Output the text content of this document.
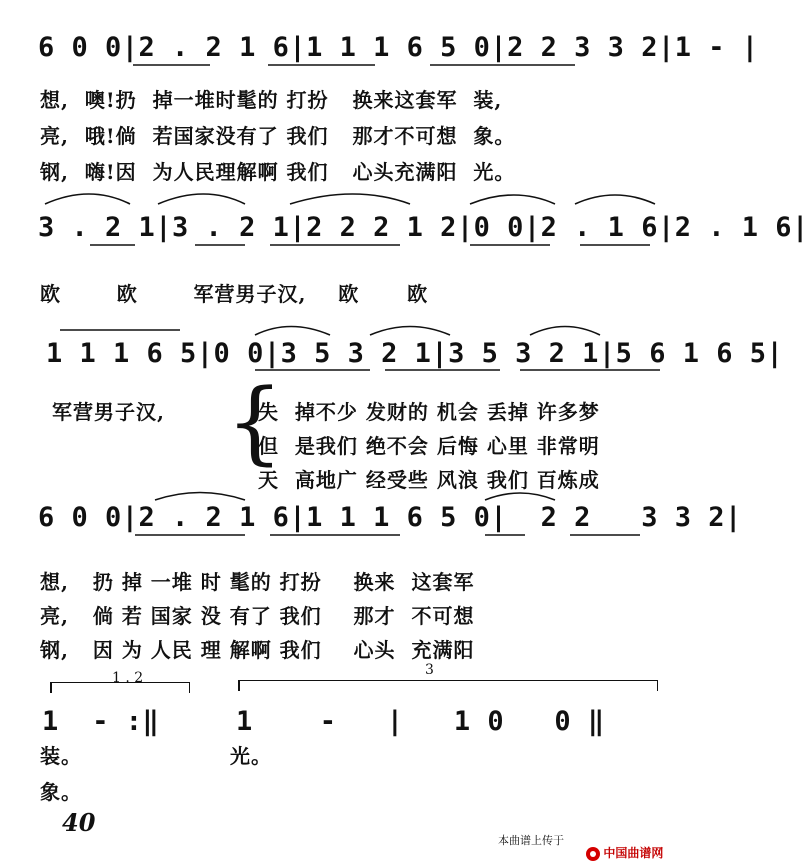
6 0 0|2 . 2 1 6|1 1 1 6 5 0|2 2 3 3 2|1 - |
想,  噢!扔  掉一堆时髦的 打扮   换来这套军  装,
亮,  哦!倘  若国家没有了 我们   那才不可想  象。
钢,  嗨!因  为人民理解啊 我们   心头充满阳  光。
3 . 2 1|3 . 2 1|2 2 2 1 2|0 0|2 . 1 6|2 . 1 6|
欧       欧       军营男子汉,    欧      欧
1 1 1 6 5|0 0|3 5 3 2 1|3 5 3 2 1|5 6 1 6 5|
军营男子汉, {
失  掉不少 发财的 机会 丢掉 许多梦
但  是我们 绝不会 后悔 心里 非常明
天  高地广 经受些 风浪 我们 百炼成
6 0 0|2 . 2 1 6|1 1 1 6 5 0|  2 2   3 3 2|
想,   扔 掉 一堆 时 髦的 打扮    换来  这套军
亮,   倘 若 国家 没 有了 我们    那才  不可想
钢,   因 为 人民 理 解啊 我们    心头  充满阳
1 . 2	3
1  - :‖	1    -   |   1 0   0 ‖
装。
象。
光。
40
本曲谱上传于

中国曲谱网
